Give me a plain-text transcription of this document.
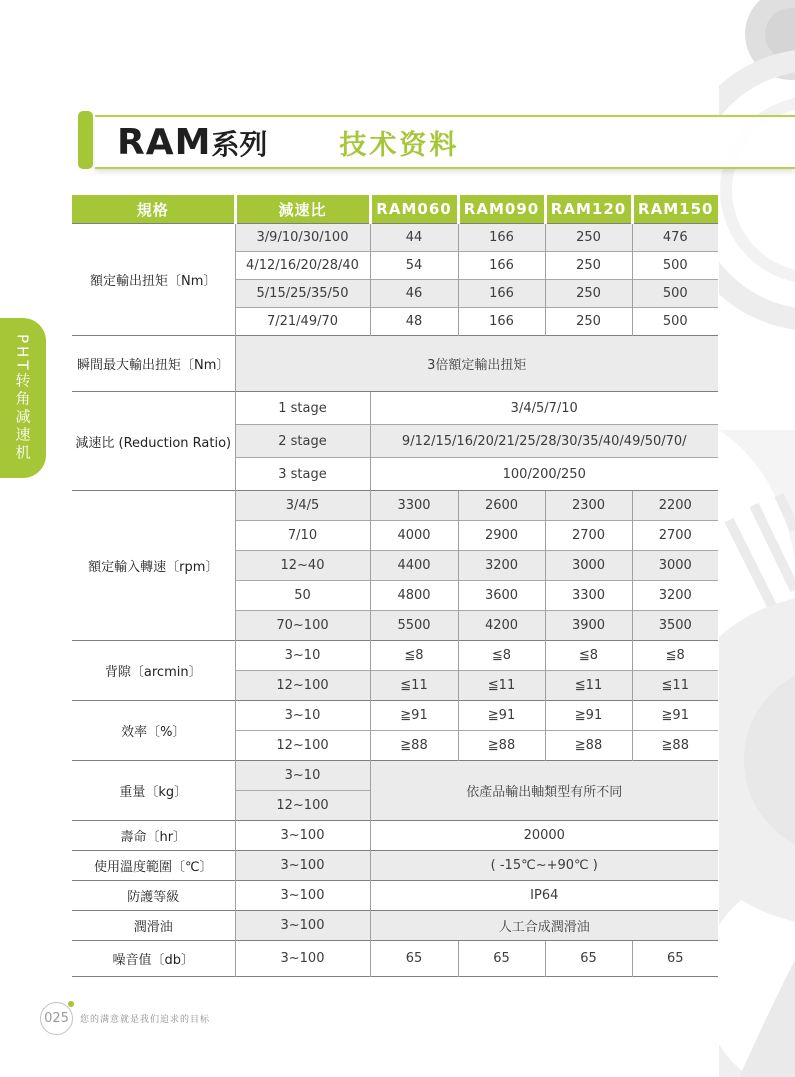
RAM系列	技术资料
PHT转角减速机
規格	減速比	RAM060	RAM090	RAM120	RAM150
額定輸出扭矩〔Nm〕	3/9/10/30/100	44	166	250	476
	4/12/16/20/28/40	54	166	250	500
	5/15/25/35/50	46	166	250	500
	7/21/49/70	48	166	250	500
瞬間最大輸出扭矩〔Nm〕	3倍額定輸出扭矩				
減速比 (Reduction Ratio)	1 stage	3/4/5/7/10			
	2 stage	9/12/15/16/20/21/25/28/30/35/40/49/50/70/			
	3 stage	100/200/250			
額定輸入轉速〔rpm〕	3/4/5	3300	2600	2300	2200
	7/10	4000	2900	2700	2700
	12~40	4400	3200	3000	3000
	50	4800	3600	3300	3200
	70~100	5500	4200	3900	3500
背隙〔arcmin〕	3~10	≦8	≦8	≦8	≦8
	12~100	≦11	≦11	≦11	≦11
效率〔%〕	3~10	≧91	≧91	≧91	≧91
	12~100	≧88	≧88	≧88	≧88
重量〔kg〕	3~10	依產品輸出軸類型有所不同			
	12~100				
壽命〔hr〕	3~100	20000			
使用溫度範圍〔℃〕	3~100	( -15℃~+90℃ )			
防護等級	3~100	IP64			
潤滑油	3~100	人工合成潤滑油			
噪音值〔db〕	3~100	65	65	65	65
025 您的满意就是我们追求的目标
